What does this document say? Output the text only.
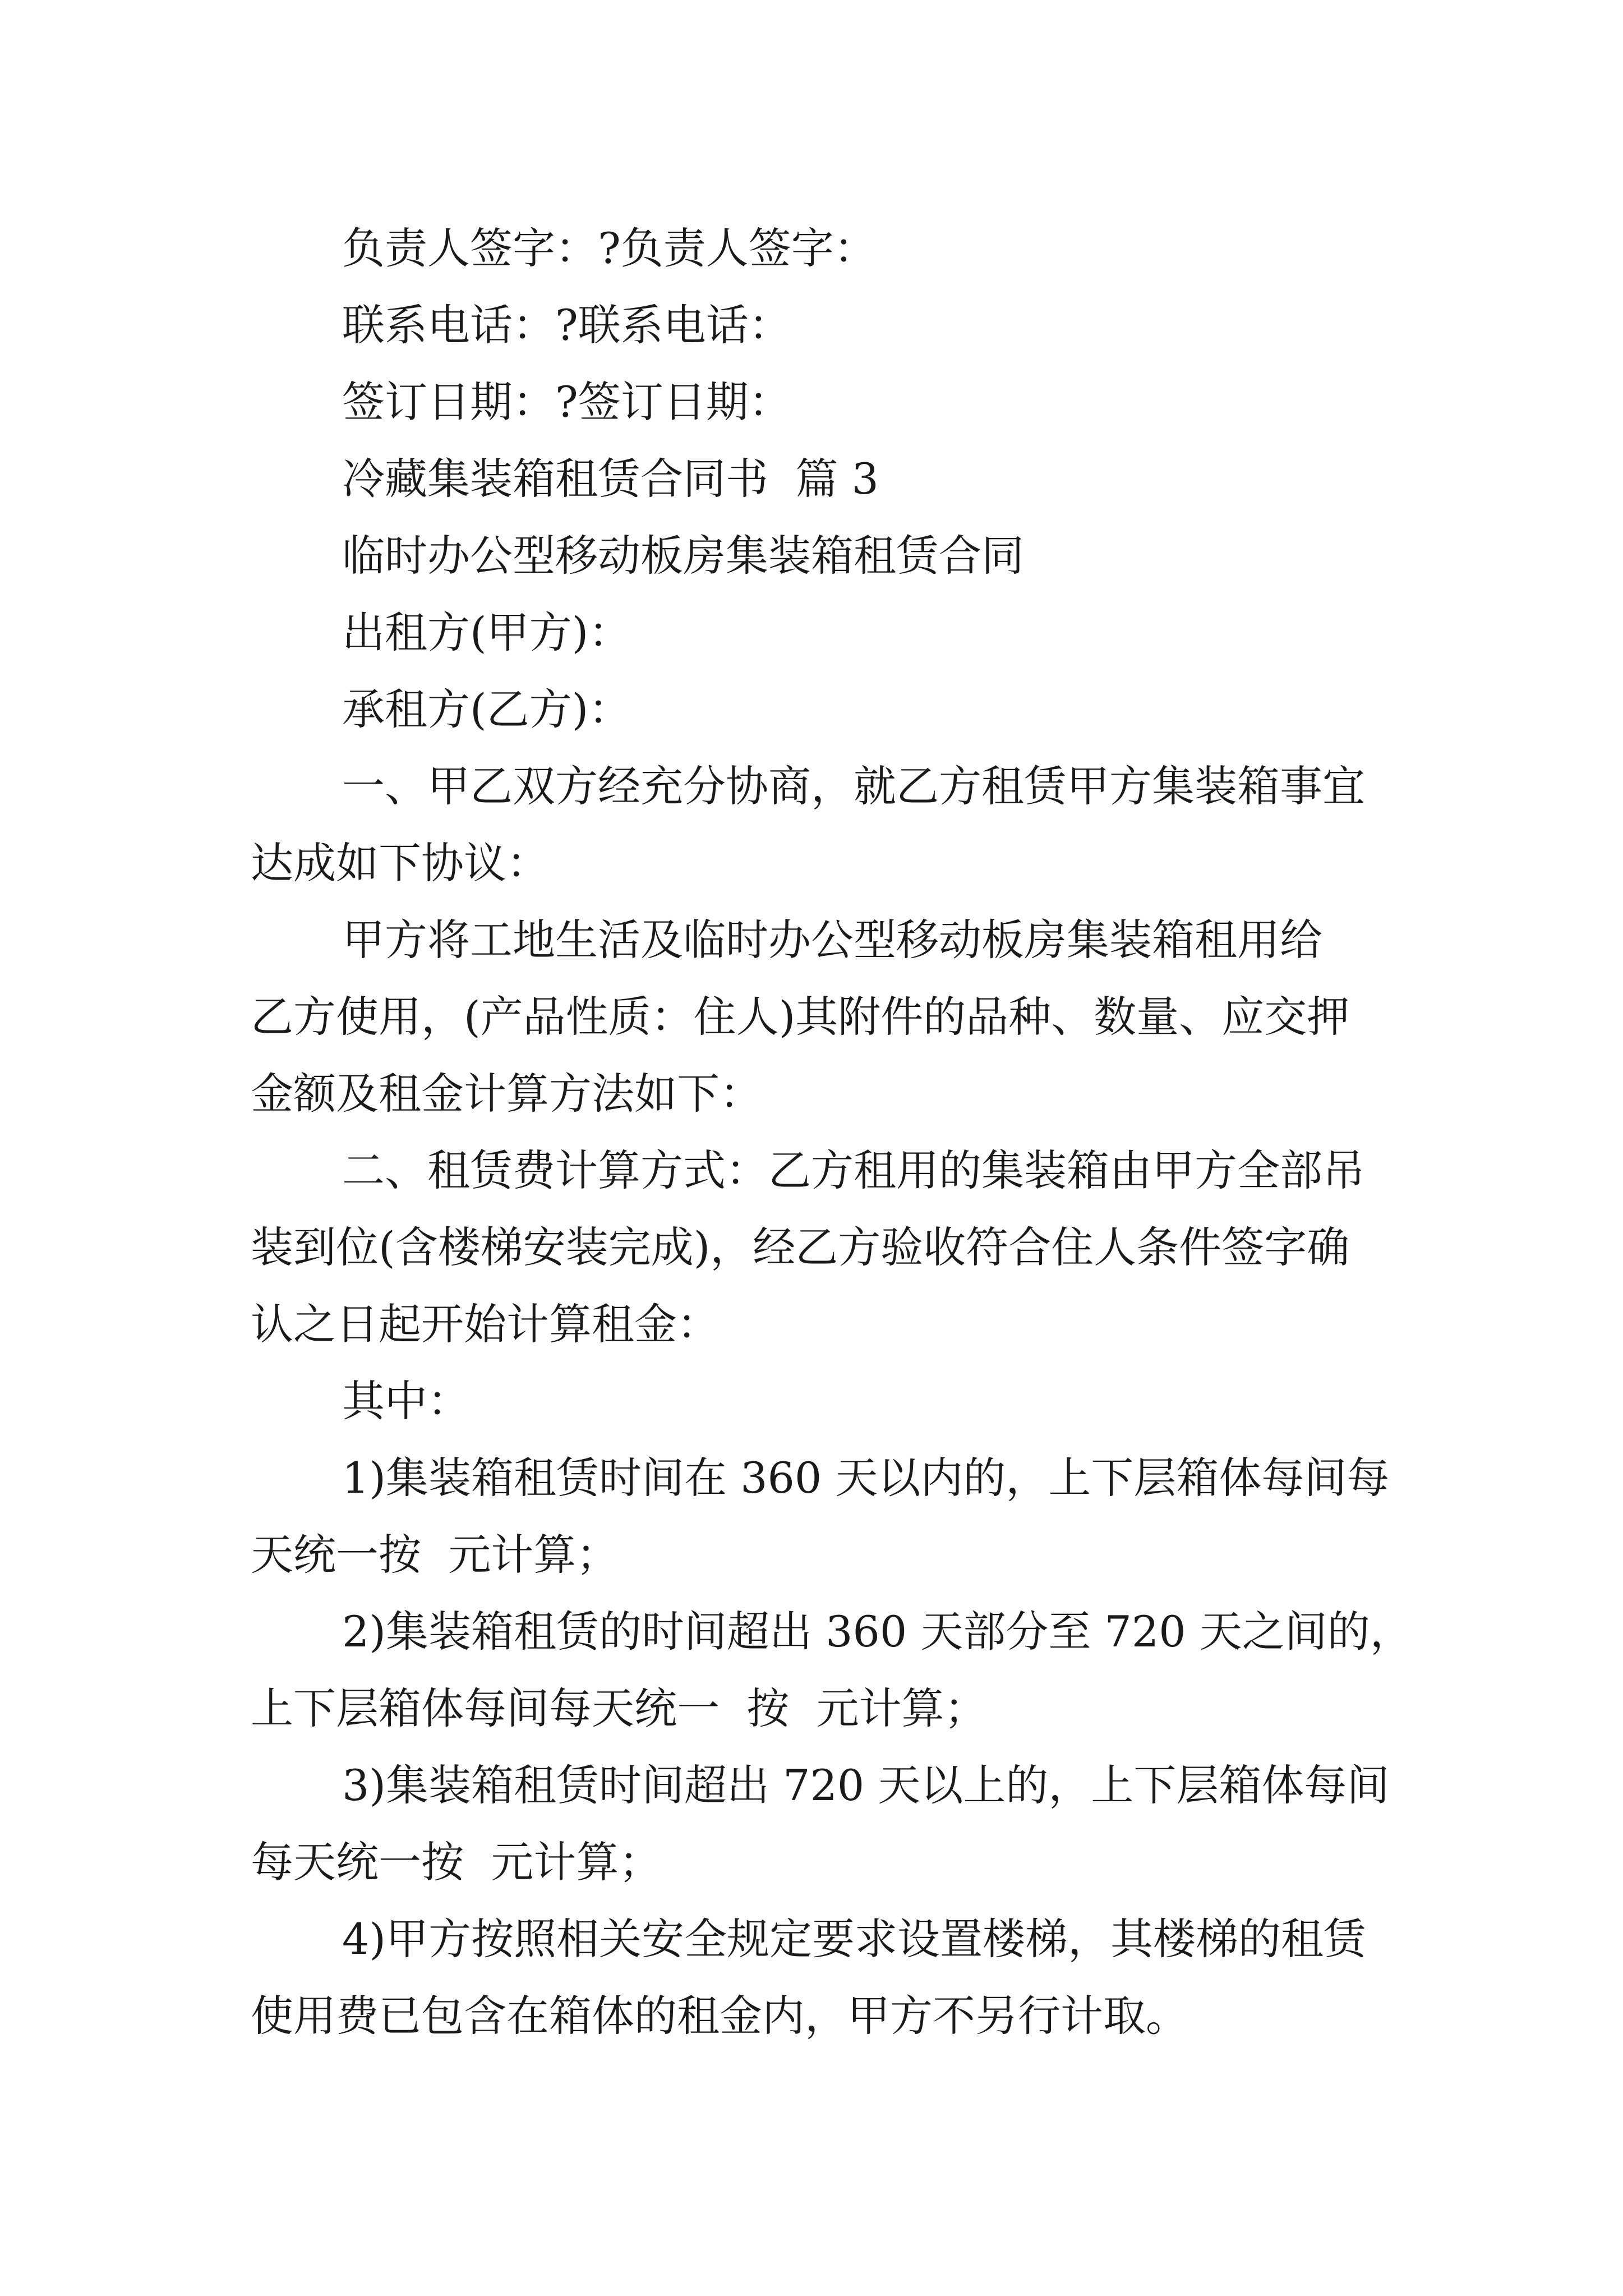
负责人签字：?负责人签字：
联系电话：?联系电话：
签订日期：?签订日期：
冷藏集装箱租赁合同书  篇 3
临时办公型移动板房集装箱租赁合同
出租方(甲方)：
承租方(乙方)：
一、甲乙双方经充分协商，就乙方租赁甲方集装箱事宜
达成如下协议：
甲方将工地生活及临时办公型移动板房集装箱租用给
乙方使用，(产品性质：住人)其附件的品种、数量、应交押
金额及租金计算方法如下：
二、租赁费计算方式：乙方租用的集装箱由甲方全部吊
装到位(含楼梯安装完成)，经乙方验收符合住人条件签字确
认之日起开始计算租金：
其中：
1)集装箱租赁时间在 360 天以内的，上下层箱体每间每
天统一按  元计算；
2)集装箱租赁的时间超出 360 天部分至 720 天之间的，
上下层箱体每间每天统一  按  元计算；
3)集装箱租赁时间超出 720 天以上的，上下层箱体每间
每天统一按  元计算；
4)甲方按照相关安全规定要求设置楼梯，其楼梯的租赁
使用费已包含在箱体的租金内，甲方不另行计取。
